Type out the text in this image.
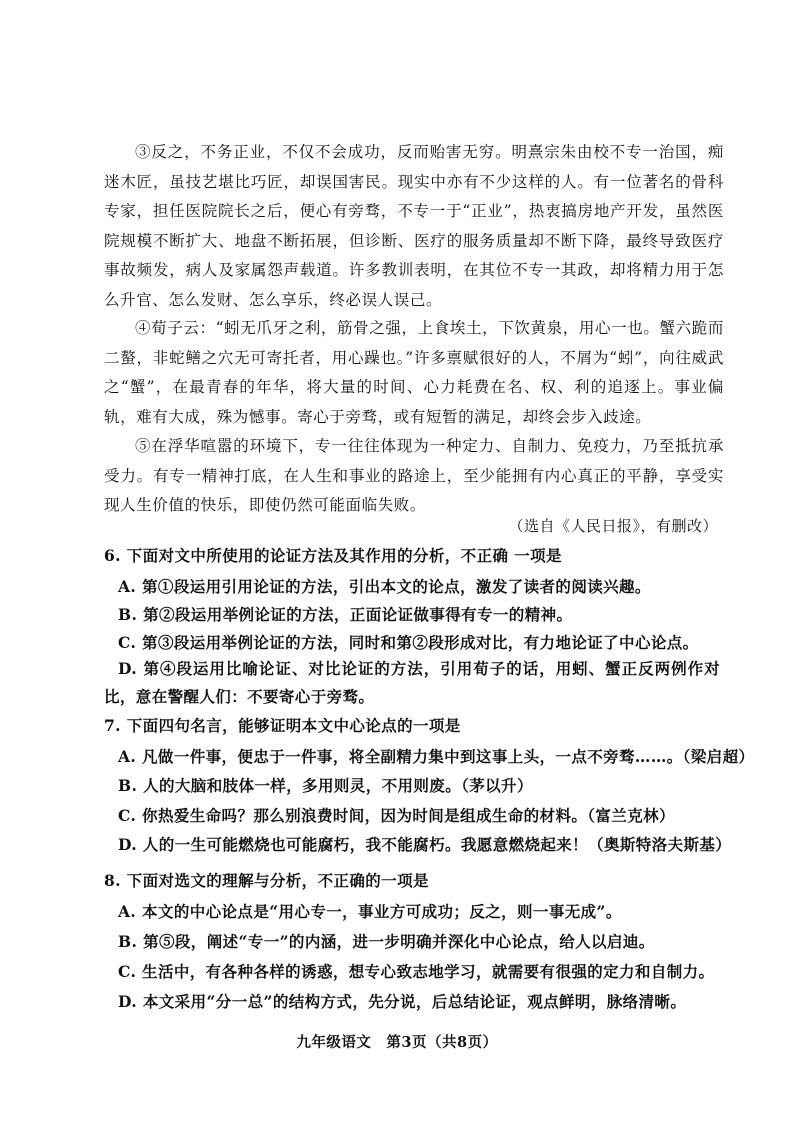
③反之，不务正业，不仅不会成功，反而贻害无穷。明熹宗朱由校不专一治国，痴迷木匠，虽技艺堪比巧匠，却误国害民。现实中亦有不少这样的人。有一位著名的骨科专家，担任医院院长之后，便心有旁骛，不专一于“正业”，热衷搞房地产开发，虽然医院规模不断扩大、地盘不断拓展，但诊断、医疗的服务质量却不断下降，最终导致医疗事故频发，病人及家属怨声载道。许多教训表明，在其位不专一其政，却将精力用于怎么升官、怎么发财、怎么享乐，终必误人误己。

④荀子云：“蚓无爪牙之利，筋骨之强，上食埃土，下饮黄泉，用心一也。蟹六跪而二螯，非蛇鳝之穴无可寄托者，用心躁也。”许多禀赋很好的人，不屑为“蚓”，向往威武之“蟹”，在最青春的年华，将大量的时间、心力耗费在名、权、利的追逐上。事业偏轨，难有大成，殊为憾事。寄心于旁骛，或有短暂的满足，却终会步入歧途。

⑤在浮华喧嚣的环境下，专一往往体现为一种定力、自制力、免疫力，乃至抵抗承受力。有专一精神打底，在人生和事业的路途上，至少能拥有内心真正的平静，享受实现人生价值的快乐，即使仍然可能面临失败。

（选自《人民日报》，有删改）
6. 下面对文中所使用的论证方法及其作用的分析，不正确 一项是
A. 第①段运用引用论证的方法，引出本文的论点，激发了读者的阅读兴趣。
B. 第②段运用举例论证的方法，正面论证做事得有专一的精神。
C. 第③段运用举例论证的方法，同时和第②段形成对比，有力地论证了中心论点。
D. 第④段运用比喻论证、对比论证的方法，引用荀子的话，用蚓、蟹正反两例作对比，意在警醒人们：不要寄心于旁骛。
7. 下面四句名言，能够证明本文中心论点的一项是
A. 凡做一件事，便忠于一件事，将全副精力集中到这事上头，一点不旁骛……。（梁启超）
B. 人的大脑和肢体一样，多用则灵，不用则废。（茅以升）
C. 你热爱生命吗？那么别浪费时间，因为时间是组成生命的材料。（富兰克林）
D. 人的一生可能燃烧也可能腐朽，我不能腐朽。我愿意燃烧起来！（奥斯特洛夫斯基）
8. 下面对选文的理解与分析，不正确的一项是
A. 本文的中心论点是“用心专一，事业方可成功；反之，则一事无成”。
B. 第⑤段，阐述“专一”的内涵，进一步明确并深化中心论点，给人以启迪。
C. 生活中，有各种各样的诱惑，想专心致志地学习，就需要有很强的定力和自制力。
D. 本文采用“分一总”的结构方式，先分说，后总结论证，观点鲜明，脉络清晰。
九年级语文　第3页（共8页）
